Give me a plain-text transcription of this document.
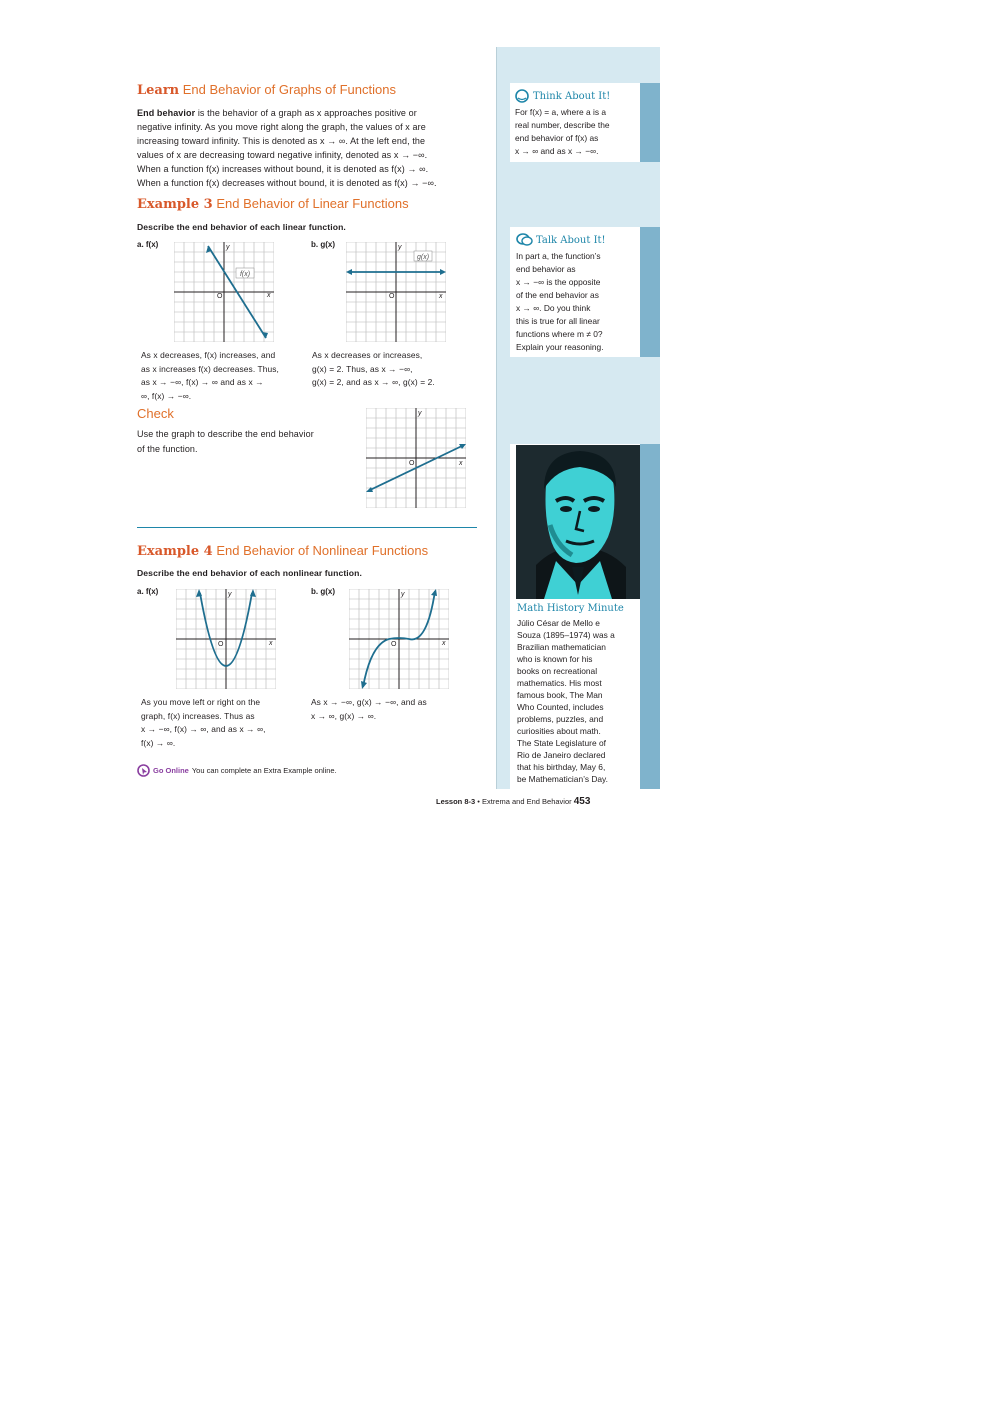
Think About It!
For f(x) = a, where a is a
real number, describe the
end behavior of f(x) as
x → ∞ and as x → −∞.
Talk About It!
In part a, the function’s
end behavior as
x → −∞ is the opposite
of the end behavior as
x → ∞. Do you think
this is true for all linear
functions where m ≠ 0?
Explain your reasoning.
Math History Minute
Júlio César de Mello e
Souza (1895–1974) was a
Brazilian mathematician
who is known for his
books on recreational
mathematics. His most
famous book, The Man
Who Counted, includes
problems, puzzles, and
curiosities about math.
The State Legislature of
Rio de Janeiro declared
that his birthday, May 6,
be Mathematician’s Day.
Learn End Behavior of Graphs of Functions
End behavior is the behavior of a graph as x approaches positive or
negative infinity. As you move right along the graph, the values of x are
increasing toward infinity. This is denoted as x → ∞. At the left end, the
values of x are decreasing toward negative infinity, denoted as x → −∞.
When a function f(x) increases without bound, it is denoted as f(x) → ∞.
When a function f(x) decreases without bound, it is denoted as f(x) → −∞.
Example 3 End Behavior of Linear Functions
Describe the end behavior of each linear function.
a. f(x)	b. g(x)
f(x)
y
x
O
g(x)
y
x
O
As x decreases, f(x) increases, and
as x increases f(x) decreases. Thus,
as x → −∞, f(x) → ∞ and as x →
∞, f(x) → −∞.
As x decreases or increases,
g(x) = 2. Thus, as x → −∞,
g(x) = 2, and as x → ∞, g(x) = 2.
Check
Use the graph to describe the end behavior
of the function.
y
x
O
Example 4 End Behavior of Nonlinear Functions
Describe the end behavior of each nonlinear function.
a. f(x)	b. g(x)
y
x
O
y
x
O
As you move left or right on the
graph, f(x) increases. Thus as
x → −∞, f(x) → ∞, and as x → ∞,
f(x) → ∞.
As x → −∞, g(x) → −∞, and as
x → ∞, g(x) → ∞.
Go Online You can complete an Extra Example online.
Lesson 8-3 • Extrema and End Behavior 453
